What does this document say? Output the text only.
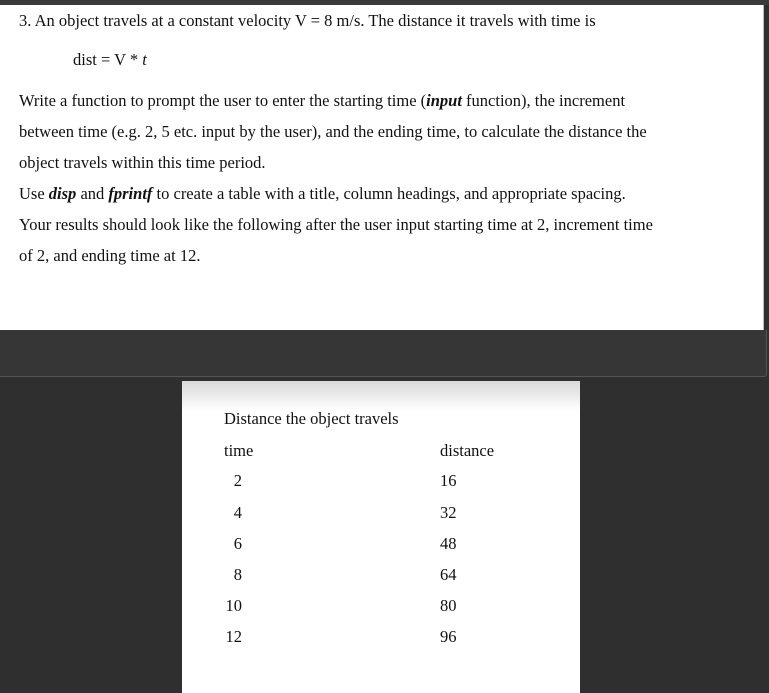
3. An object travels at a constant velocity V = 8 m/s. The distance it travels with time is
dist = V * t
Write a function to prompt the user to enter the starting time (input function), the increment
between time (e.g. 2, 5 etc. input by the user), and the ending time, to calculate the distance the
object travels within this time period.
Use disp and fprintf to create a table with a title, column headings, and appropriate spacing.
Your results should look like the following after the user input starting time at 2, increment time
of 2, and ending time at 12.
Distance the object travels
time	distance
2	16
4	32
6	48
8	64
10	80
12	96
